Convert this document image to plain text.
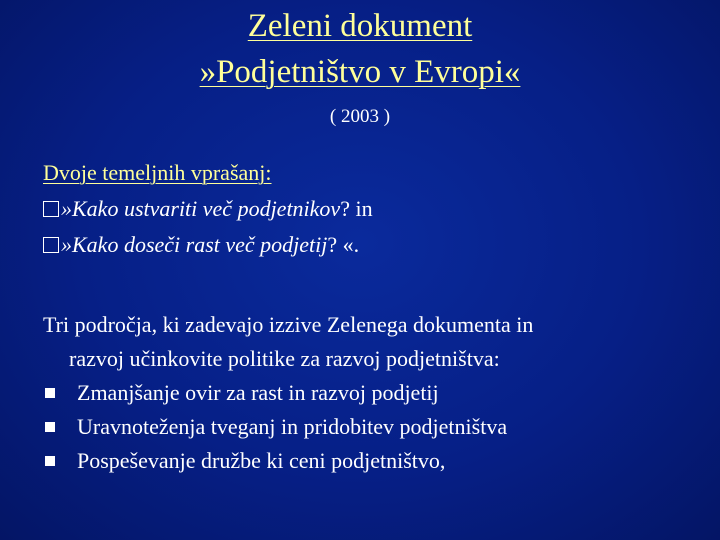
Zeleni dokument
»Podjetništvo v Evropi«
( 2003 )
Dvoje temeljnih vprašanj:
»Kako ustvariti več podjetnikov ? in
»Kako doseči rast več podjetij ? «.
Tri področja, ki zadevajo izzive Zelenega dokumenta in
razvoj učinkovite politike za razvoj podjetništva:
Zmanjšanje ovir za rast in razvoj podjetij
Uravnoteženja tveganj in pridobitev podjetništva
Pospeševanje družbe ki ceni podjetništvo,
